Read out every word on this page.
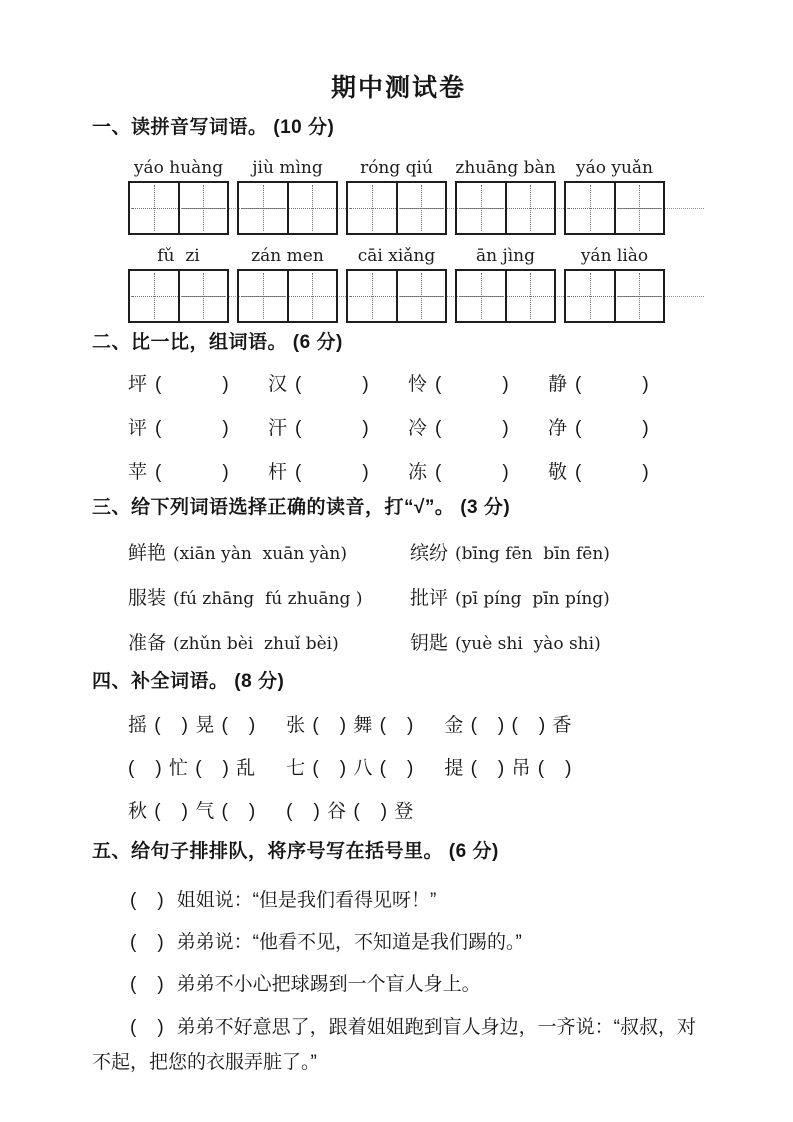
期中测试卷
一、读拼音写词语。 (10 分)
yáo huàng	jiù mìng	róng qiú	zhuāng bàn	yáo yuǎn
fǔ  zi	zán men	cāi xiǎng	ān jìng	yán liào
二、比一比，组词语。 (6 分)
坪 (　　　)	汉 (　　　)	怜 (　　　)	静 (　　　)
评 (　　　)	汗 (　　　)	冷 (　　　)	净 (　　　)
苹 (　　　)	杆 (　　　)	冻 (　　　)	敬 (　　　)
三、给下列词语选择正确的读音，打“√”。 (3 分)
鲜艳 (xiān yàn  xuān yàn)	缤纷 (bīng fēn  bīn fēn)
服装 (fú zhāng  fú zhuāng )	批评 (pī píng  pīn píng)
准备 (zhǔn bèi  zhuǐ bèi)	钥匙 (yuè shi  yào shi)
四、补全词语。 (8 分)
摇 (　) 晃 (　) 张 (　) 舞 (　) 金 (　) (　) 香
(　) 忙 (　) 乱 七 (　) 八 (　) 提 (　) 吊 (　)
秋 (　) 气 (　) (　) 谷 (　) 登
五、给句子排排队，将序号写在括号里。 (6 分)

(　) 姐姐说：“但是我们看得见呀！”

(　) 弟弟说：“他看不见，不知道是我们踢的。”

(　) 弟弟不小心把球踢到一个盲人身上。

(　) 弟弟不好意思了，跟着姐姐跑到盲人身边，一齐说：“叔叔，对不起，把您的衣服弄脏了。”
